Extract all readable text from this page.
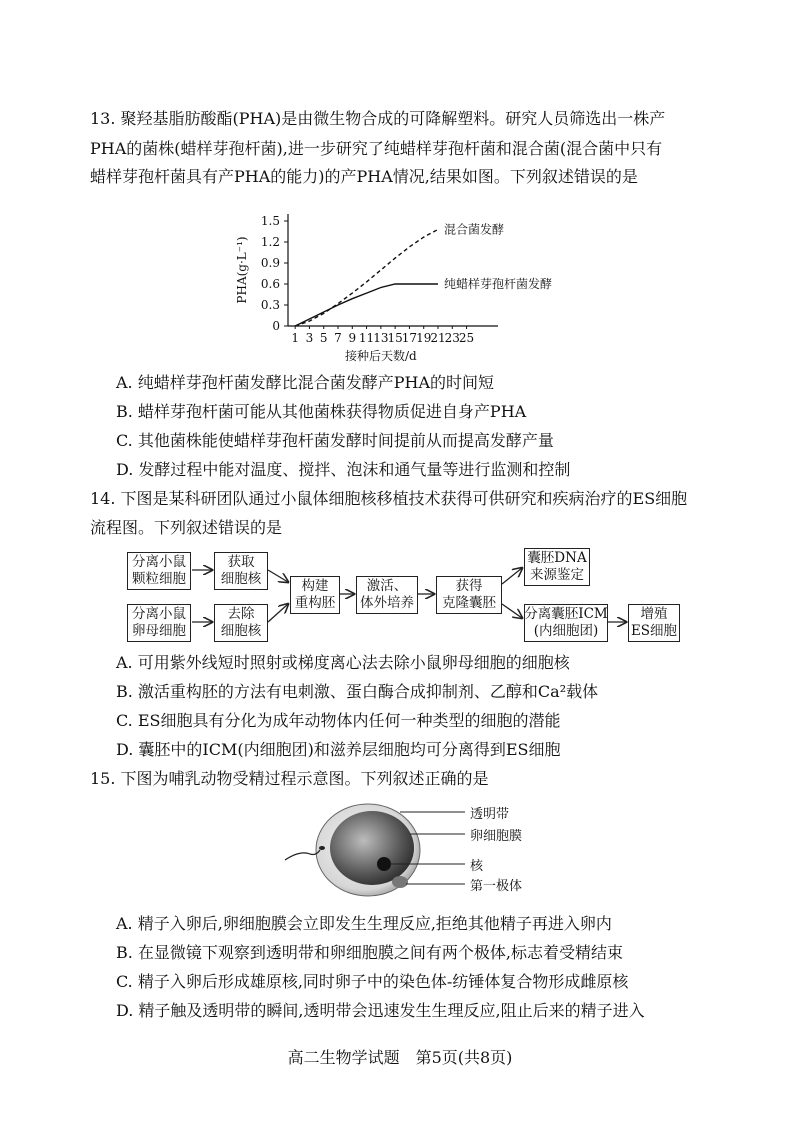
13. 聚羟基脂肪酸酯(PHA)是由微生物合成的可降解塑料。研究人员筛选出一株产
PHA的菌株(蜡样芽孢杆菌),进一步研究了纯蜡样芽孢杆菌和混合菌(混合菌中只有
蜡样芽孢杆菌具有产PHA的能力)的产PHA情况,结果如图。下列叙述错误的是
0
0.3
0.6
0.9
1.2
1.5
1 3 5 7 9 11 13 15 17 19 21 23 25
接种后天数/d
PHA(g·L⁻¹)
混合菌发酵
纯蜡样芽孢杆菌发酵
A. 纯蜡样芽孢杆菌发酵比混合菌发酵产PHA的时间短
B. 蜡样芽孢杆菌可能从其他菌株获得物质促进自身产PHA
C. 其他菌株能使蜡样芽孢杆菌发酵时间提前从而提高发酵产量
D. 发酵过程中能对温度、搅拌、泡沫和通气量等进行监测和控制
14. 下图是某科研团队通过小鼠体细胞核移植技术获得可供研究和疾病治疗的ES细胞
流程图。下列叙述错误的是
分离小鼠
颗粒细胞
获取
细胞核
分离小鼠
卵母细胞
去除
细胞核
构建
重构胚
激活、
体外培养
获得
克隆囊胚
囊胚DNA
来源鉴定
分离囊胚ICM
(内细胞团)
增殖
ES细胞
A. 可用紫外线短时照射或梯度离心法去除小鼠卵母细胞的细胞核
B. 激活重构胚的方法有电刺激、蛋白酶合成抑制剂、乙醇和Ca²载体
C. ES细胞具有分化为成年动物体内任何一种类型的细胞的潜能
D. 囊胚中的ICM(内细胞团)和滋养层细胞均可分离得到ES细胞
15. 下图为哺乳动物受精过程示意图。下列叙述正确的是
透明带
卵细胞膜
核
第一极体
A. 精子入卵后,卵细胞膜会立即发生生理反应,拒绝其他精子再进入卵内
B. 在显微镜下观察到透明带和卵细胞膜之间有两个极体,标志着受精结束
C. 精子入卵后形成雄原核,同时卵子中的染色体-纺锤体复合物形成雌原核
D. 精子触及透明带的瞬间,透明带会迅速发生生理反应,阻止后来的精子进入
高二生物学试题　第5页(共8页)
